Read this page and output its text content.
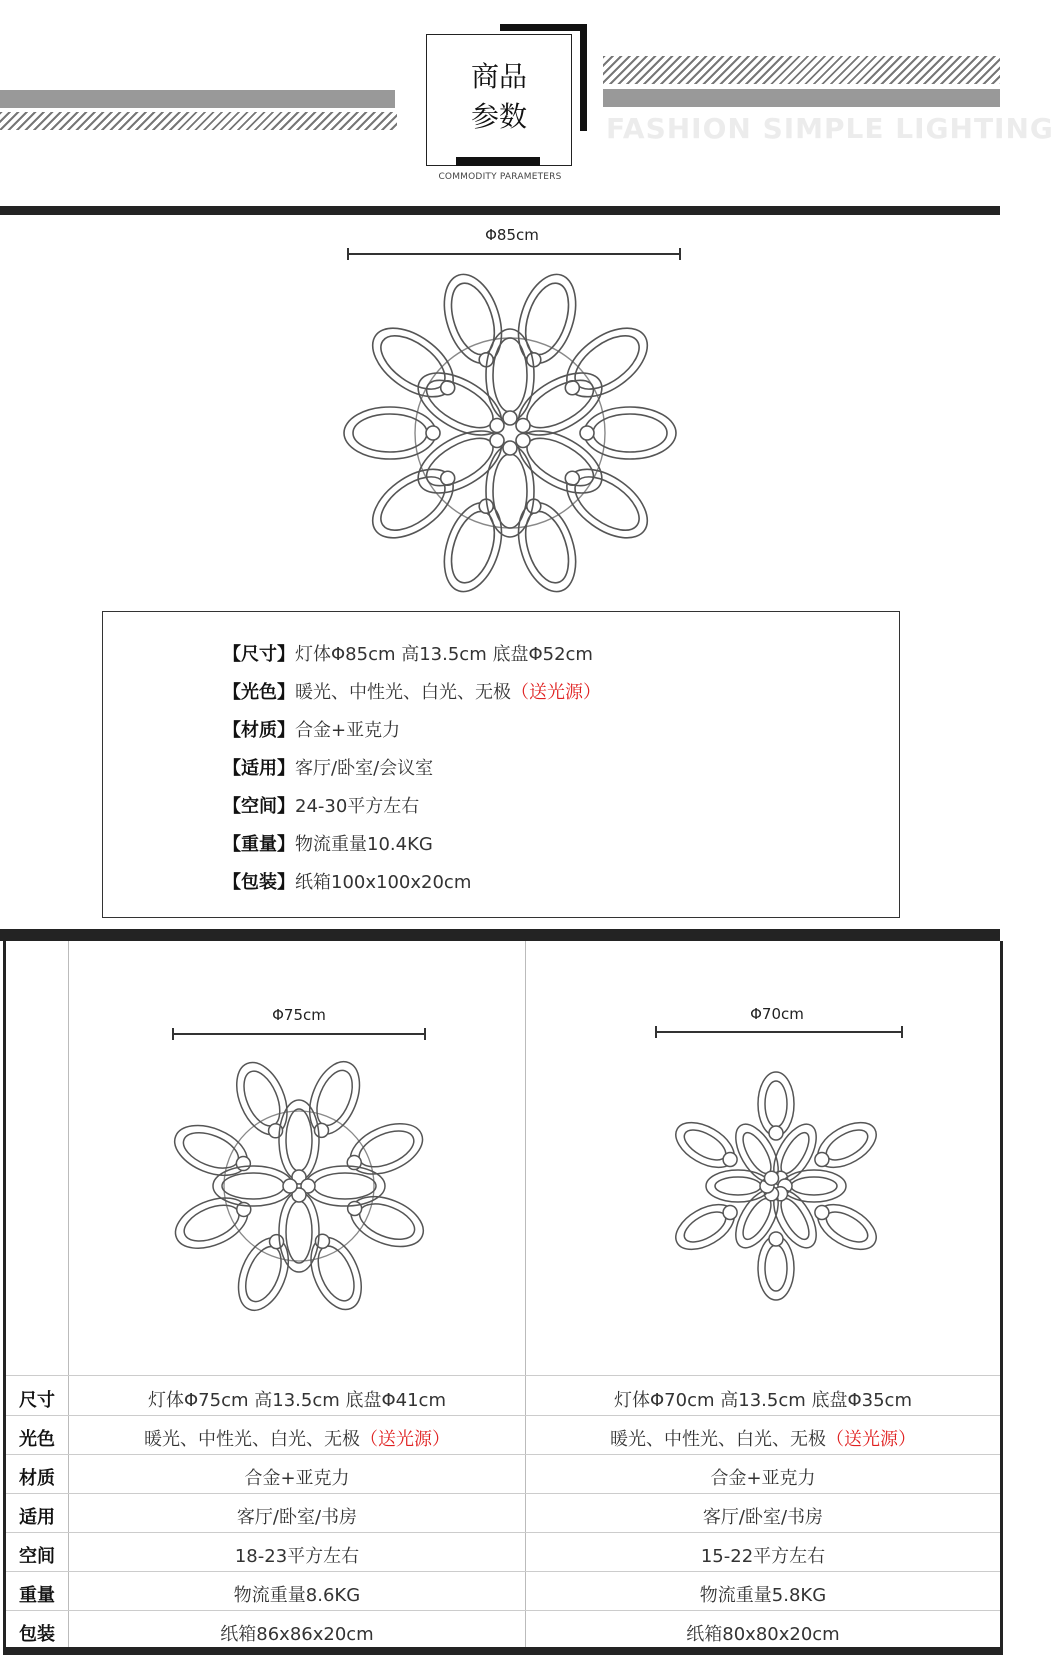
FASHION SIMPLE LIGHTING
商品
参数
COMMODITY PARAMETERS
Φ85cm
【尺寸】灯体Φ85cm 高13.5cm 底盘Φ52cm
【光色】暖光、中性光、白光、无极（送光源）
【材质】合金+亚克力
【适用】客厅/卧室/会议室
【空间】24-30平方左右
【重量】物流重量10.4KG
【包装】纸箱100x100x20cm
Φ75cm	Φ70cm
尺寸
光色
材质
适用
空间
重量
包装
灯体Φ75cm 高13.5cm 底盘Φ41cm
暖光、中性光、白光、无极（送光源）
合金+亚克力
客厅/卧室/书房
18-23平方左右
物流重量8.6KG
纸箱86x86x20cm
灯体Φ70cm 高13.5cm 底盘Φ35cm
暖光、中性光、白光、无极（送光源）
合金+亚克力
客厅/卧室/书房
15-22平方左右
物流重量5.8KG
纸箱80x80x20cm
